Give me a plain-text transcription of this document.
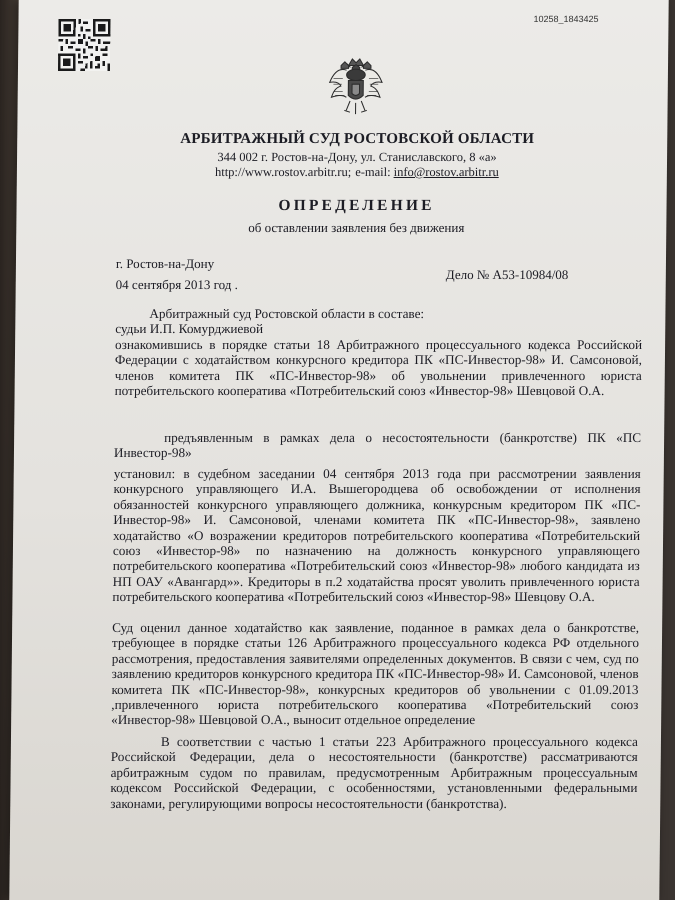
10258_1843425
АРБИТРАЖНЫЙ СУД РОСТОВСКОЙ ОБЛАСТИ
344 002 г. Ростов-на-Дону, ул. Станиславского, 8 «а»
http://www.rostov.arbitr.ru; e-mail: info@rostov.arbitr.ru
ОПРЕДЕЛЕНИЕ
об оставлении заявления без движения
г. Ростов-на-Дону
04 сентября 2013 год .
Дело № А53-10984/08
Арбитражный суд Ростовской области в составе:
судьи И.П. Комурджиевой
ознакомившись в порядке статьи 18 Арбитражного процессуального кодекса Российской Федерации с ходатайством конкурсного кредитора ПК «ПС-Инвестор-98» И. Самсоновой, членов комитета ПК «ПС-Инвестор-98» об увольнении привлеченного юриста потребительского кооператива «Потребительский союз «Инвестор-98» Шевцовой О.А.

предъявленным в рамках дела о несостоятельности (банкротстве) ПК «ПС Инвестор-98»

установил: в судебном заседании 04 сентября 2013 года при рассмотрении заявления конкурсного управляющего И.А. Вышегородцева об освобождении от исполнения обязанностей конкурсного управляющего должника, конкурсным кредитором ПК «ПС-Инвестор-98» И. Самсоновой, членами комитета ПК «ПС-Инвестор-98», заявлено ходатайство «О возражении кредиторов потребительского кооператива «Потребительский союз «Инвестор-98» по назначению на должность конкурсного управляющего потребительского кооператива «Потребительский союз «Инвестор-98» любого кандидата из НП ОАУ «Авангард»». Кредиторы в п.2 ходатайства просят уволить привлеченного юриста потребительского кооператива «Потребительский союз «Инвестор-98» Шевцову О.А.

Суд оценил данное ходатайство как заявление, поданное в рамках дела о банкротстве, требующее в порядке статьи 126 Арбитражного процессуального кодекса РФ отдельного рассмотрения, предоставления заявителями определенных документов. В связи с чем, суд по заявлению кредиторов конкурсного кредитора ПК «ПС-Инвестор-98» И. Самсоновой, членов комитета ПК «ПС-Инвестор-98», конкурсных кредиторов об увольнении с 01.09.2013 ,привлеченного юриста потребительского кооператива «Потребительский союз «Инвестор-98» Шевцовой О.А., выносит отдельное определение

В соответствии с частью 1 статьи 223 Арбитражного процессуального кодекса Российской Федерации, дела о несостоятельности (банкротстве) рассматриваются арбитражным судом по правилам, предусмотренным Арбитражным процессуальным кодексом Российской Федерации, с особенностями, установленными федеральными законами, регулирующими вопросы несостоятельности (банкротства).
